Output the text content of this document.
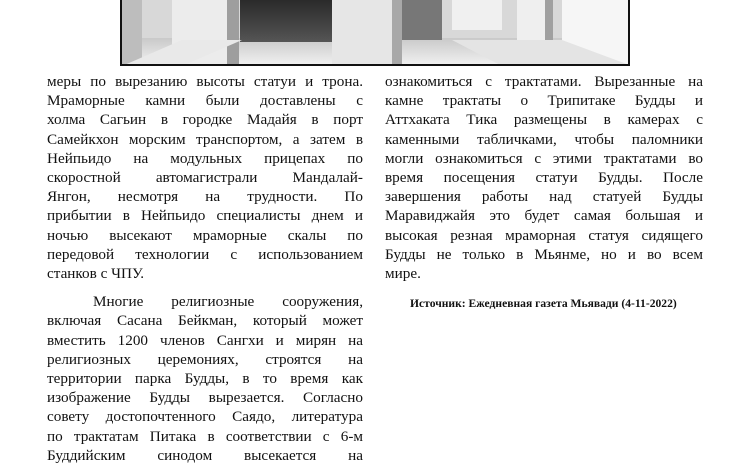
меры по вырезанию высоты статуи и трона.
Мраморные камни были доставлены с
холма Сагьин в городке Мадайя в порт
Самейкхон морским транспортом, а затем в
Нейпьидо на модульных прицепах по
скоростной автомагистрали Мандалай-
Янгон, несмотря на трудности. По
прибытии в Нейпьидо специалисты днем и
ночью высекают мраморные скалы по
передовой технологии с использованием
станков с ЧПУ.

Многие религиозные сооружения,
включая Сасана Бейкман, который может
вместить 1200 членов Сангхи и мирян на
религиозных церемониях, строятся на
территории парка Будды, в то время как
изображение Будды вырезается. Согласно
совету достопочтенного Саядо, литература
по трактатам Питака в соответствии с 6-м
Буддийским синодом высекается на

ознакомиться с трактатами. Вырезанные на
камне трактаты о Трипитаке Будды и
Аттхаката Тика размещены в камерах с
каменными табличками, чтобы паломники
могли ознакомиться с этими трактатами во
время посещения статуи Будды. После
завершения работы над статуей Будды
Маравиджайя это будет самая большая и
высокая резная мраморная статуя сидящего
Будды не только в Мьянме, но и во всем
мире.

Источник: Ежедневная газета Мьявади (4-11-2022)
